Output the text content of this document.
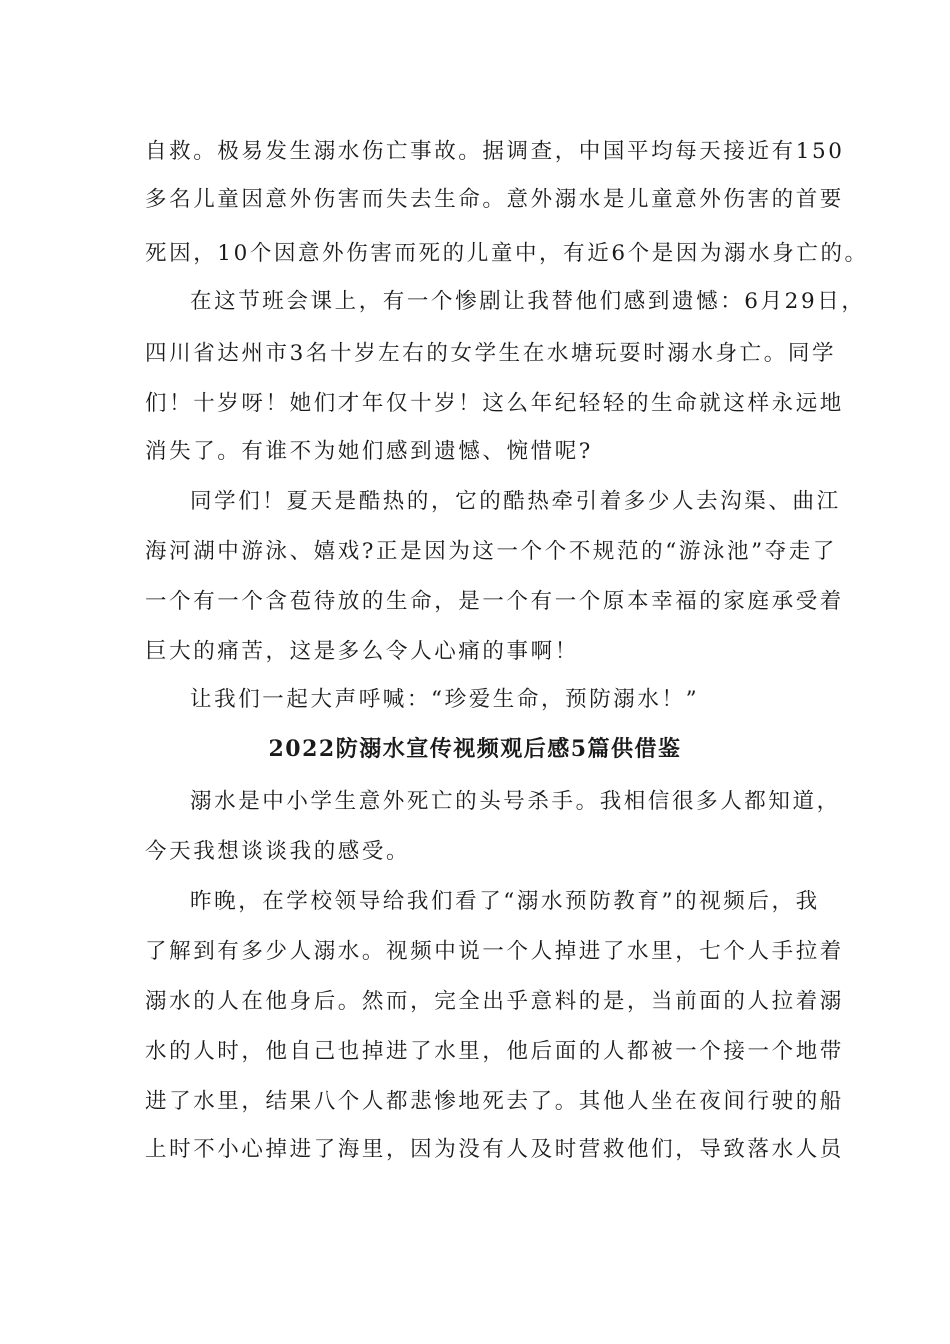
自救。极易发生溺水伤亡事故。据调查，中国平均每天接近有150
多名儿童因意外伤害而失去生命。意外溺水是儿童意外伤害的首要
死因，10个因意外伤害而死的儿童中，有近6个是因为溺水身亡的。
在这节班会课上，有一个惨剧让我替他们感到遗憾：6月29日，
四川省达州市3名十岁左右的女学生在水塘玩耍时溺水身亡。同学
们！十岁呀！她们才年仅十岁！这么年纪轻轻的生命就这样永远地
消失了。有谁不为她们感到遗憾、惋惜呢?
同学们！夏天是酷热的，它的酷热牵引着多少人去沟渠、曲江
海河湖中游泳、嬉戏?正是因为这一个个不规范的“游泳池”夺走了
一个有一个含苞待放的生命，是一个有一个原本幸福的家庭承受着
巨大的痛苦，这是多么令人心痛的事啊！
让我们一起大声呼喊：“珍爱生命，预防溺水！”
2022防溺水宣传视频观后感5篇供借鉴
溺水是中小学生意外死亡的头号杀手。我相信很多人都知道，
今天我想谈谈我的感受。
昨晚，在学校领导给我们看了“溺水预防教育”的视频后，我
了解到有多少人溺水。视频中说一个人掉进了水里，七个人手拉着
溺水的人在他身后。然而，完全出乎意料的是，当前面的人拉着溺
水的人时，他自己也掉进了水里，他后面的人都被一个接一个地带
进了水里，结果八个人都悲惨地死去了。其他人坐在夜间行驶的船
上时不小心掉进了海里，因为没有人及时营救他们，导致落水人员
